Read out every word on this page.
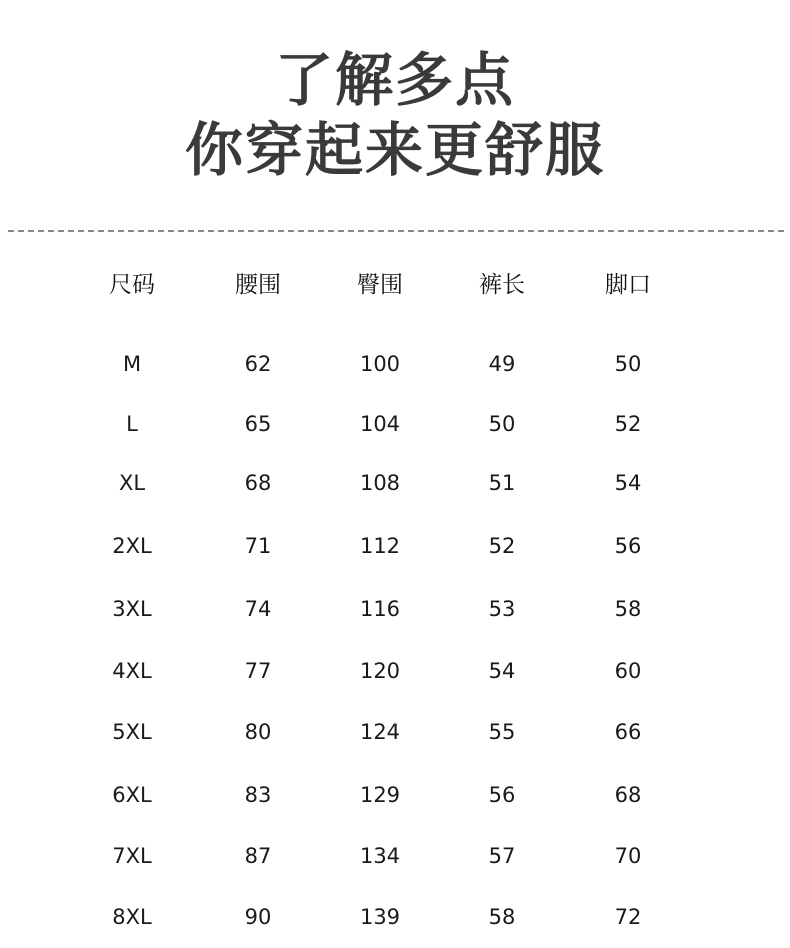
了解多点
你穿起来更舒服
尺码	腰围	臀围	裤长	脚口
M	62	100	49	50
L	65	104	50	52
XL	68	108	51	54
2XL	71	112	52	56
3XL	74	116	53	58
4XL	77	120	54	60
5XL	80	124	55	66
6XL	83	129	56	68
7XL	87	134	57	70
8XL	90	139	58	72
